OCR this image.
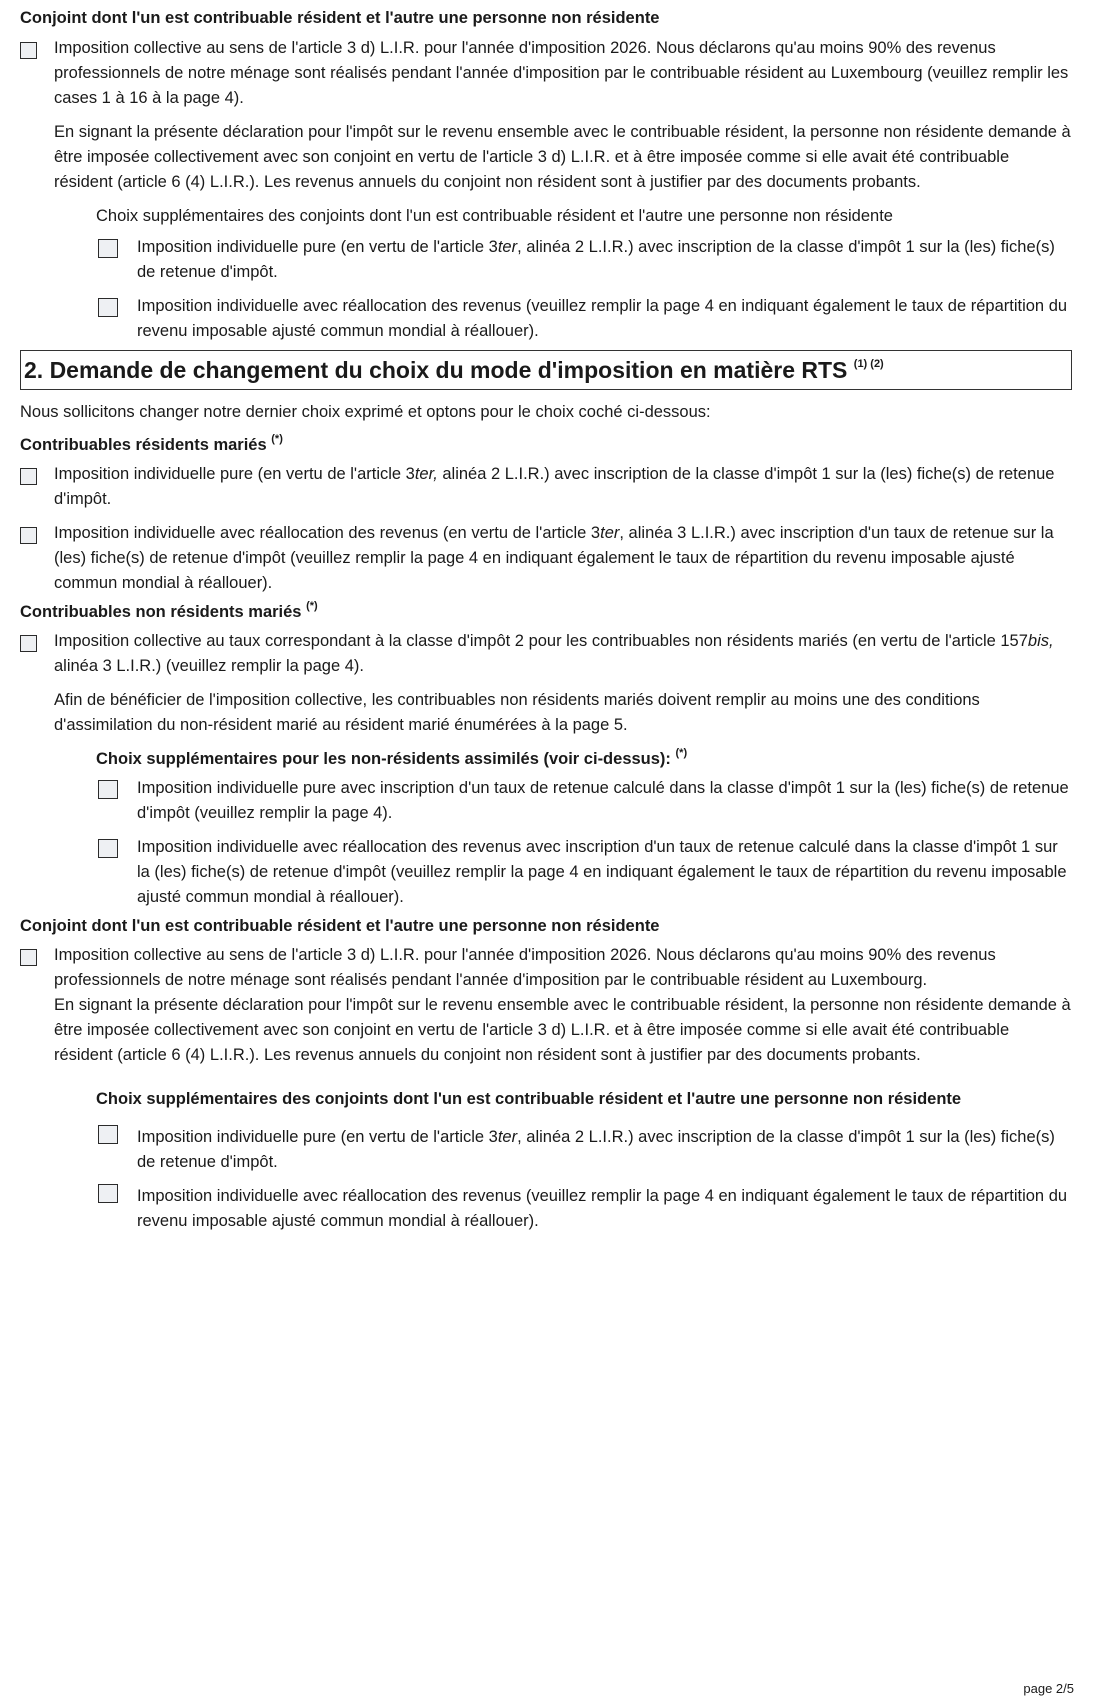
Conjoint dont l'un est contribuable résident et l'autre une personne non résidente

Imposition collective au sens de l'article 3 d) L.I.R. pour l'année d'imposition 2026. Nous déclarons qu'au moins 90% des revenus professionnels de notre ménage sont réalisés pendant l'année d'imposition par le contribuable résident au Luxembourg (veuillez remplir les cases 1 à 16 à la page 4).
En signant la présente déclaration pour l'impôt sur le revenu ensemble avec le contribuable résident, la personne non résidente demande à être imposée collectivement avec son conjoint en vertu de l'article 3 d) L.I.R. et à être imposée comme si elle avait été contribuable résident (article 6 (4) L.I.R.). Les revenus annuels du conjoint non résident sont à justifier par des documents probants.
Choix supplémentaires des conjoints dont l'un est contribuable résident et l'autre une personne non résidente
Imposition individuelle pure (en vertu de l'article 3ter, alinéa 2 L.I.R.) avec inscription de la classe d'impôt 1 sur la (les) fiche(s) de retenue d'impôt.
Imposition individuelle avec réallocation des revenus (veuillez remplir la page 4 en indiquant également le taux de répartition du revenu imposable ajusté commun mondial à réallouer).
2. Demande de changement du choix du mode d'imposition en matière RTS $^{(1) (2)}$
Nous sollicitons changer notre dernier choix exprimé et optons pour le choix coché ci-dessous:

Contribuables résidents mariés (*)

Imposition individuelle pure (en vertu de l'article 3ter, alinéa 2 L.I.R.) avec inscription de la classe d'impôt 1 sur la (les) fiche(s) de retenue d'impôt.
Imposition individuelle avec réallocation des revenus (en vertu de l'article 3ter, alinéa 3 L.I.R.) avec inscription d'un taux de retenue sur la (les) fiche(s) de retenue d'impôt (veuillez remplir la page 4 en indiquant également le taux de répartition du revenu imposable ajusté commun mondial à réallouer).

Contribuables non résidents mariés (*)

Imposition collective au taux correspondant à la classe d'impôt 2 pour les contribuables non résidents mariés (en vertu de l'article 157bis, alinéa 3 L.I.R.) (veuillez remplir la page 4).
Afin de bénéficier de l'imposition collective, les contribuables non résidents mariés doivent remplir au moins une des conditions d'assimilation du non-résident marié au résident marié énumérées à la page 5.

Choix supplémentaires pour les non-résidents assimilés (voir ci-dessus): (*)

Imposition individuelle pure avec inscription d'un taux de retenue calculé dans la classe d'impôt 1 sur la (les) fiche(s) de retenue d'impôt (veuillez remplir la page 4).
Imposition individuelle avec réallocation des revenus avec inscription d'un taux de retenue calculé dans la classe d'impôt 1 sur la (les) fiche(s) de retenue d'impôt (veuillez remplir la page 4 en indiquant également le taux de répartition du revenu imposable ajusté commun mondial à réallouer).

Conjoint dont l'un est contribuable résident et l'autre une personne non résidente

Imposition collective au sens de l'article 3 d) L.I.R. pour l'année d'imposition 2026. Nous déclarons qu'au moins 90% des revenus professionnels de notre ménage sont réalisés pendant l'année d'imposition par le contribuable résident au Luxembourg.
En signant la présente déclaration pour l'impôt sur le revenu ensemble avec le contribuable résident, la personne non résidente demande à être imposée collectivement avec son conjoint en vertu de l'article 3 d) L.I.R. et à être imposée comme si elle avait été contribuable résident (article 6 (4) L.I.R.). Les revenus annuels du conjoint non résident sont à justifier par des documents probants.

Choix supplémentaires des conjoints dont l'un est contribuable résident et l'autre une personne non résidente

Imposition individuelle pure (en vertu de l'article 3ter, alinéa 2 L.I.R.) avec inscription de la classe d'impôt 1 sur la (les) fiche(s) de retenue d'impôt.
Imposition individuelle avec réallocation des revenus (veuillez remplir la page 4 en indiquant également le taux de répartition du revenu imposable ajusté commun mondial à réallouer).
page 2/5
